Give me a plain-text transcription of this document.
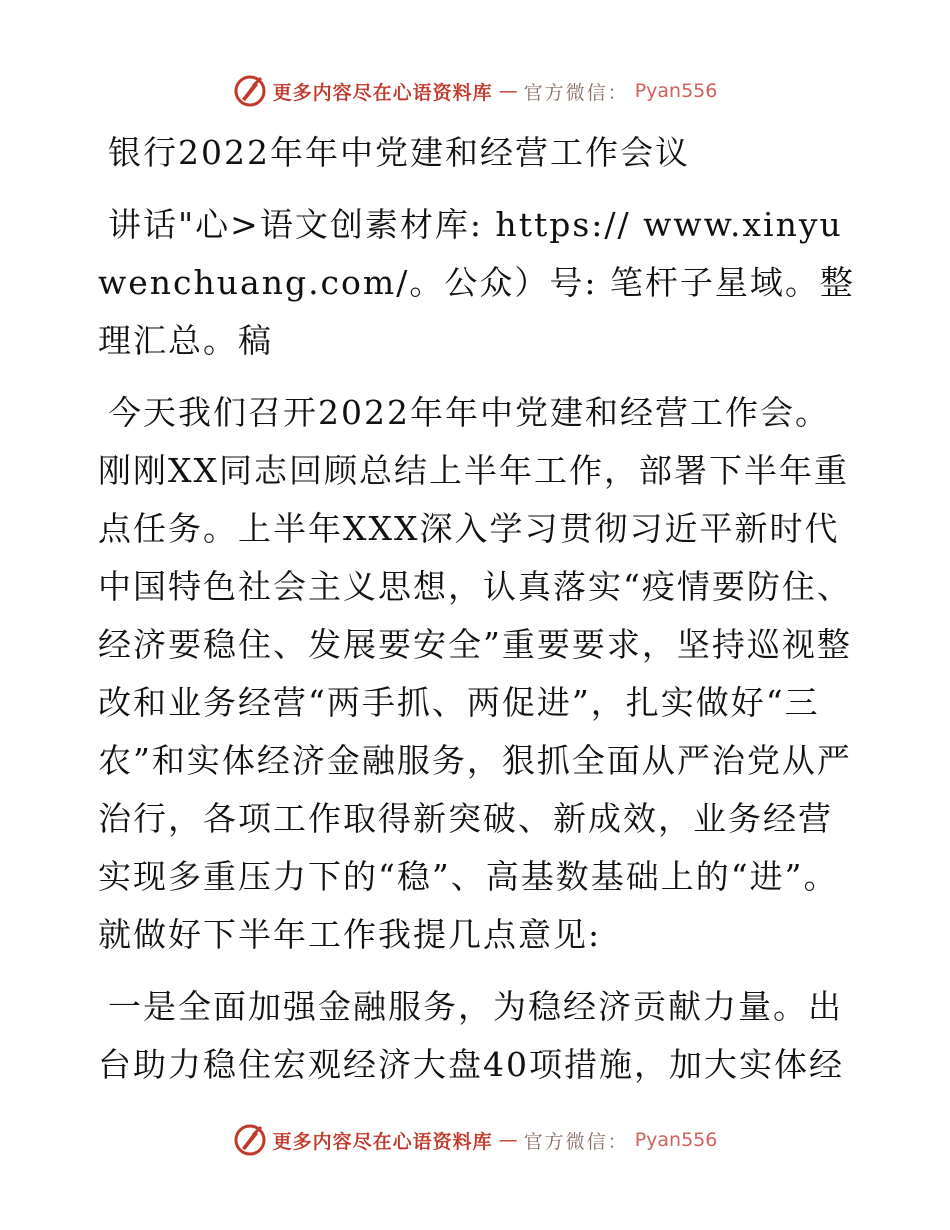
更多内容尽在心语资料库 — 官方微信： Pyan556

银行2022年年中党建和经营工作会议

讲话"心>语文创素材库: https:// www.xinyuwenchuang.com/。公众）号: 笔杆子星域。整理汇总。稿

今天我们召开2022年年中党建和经营工作会。刚刚XX同志回顾总结上半年工作，部署下半年重点任务。上半年XXX深入学习贯彻习近平新时代中国特色社会主义思想，认真落实“疫情要防住、经济要稳住、发展要安全”重要要求，坚持巡视整改和业务经营“两手抓、两促进”，扎实做好“三农”和实体经济金融服务，狠抓全面从严治党从严治行，各项工作取得新突破、新成效，业务经营实现多重压力下的“稳”、高基数基础上的“进”。就做好下半年工作我提几点意见:

一是全面加强金融服务，为稳经济贡献力量。出台助力稳住宏观经济大盘40项措施，加大实体经

更多内容尽在心语资料库 — 官方微信： Pyan556
